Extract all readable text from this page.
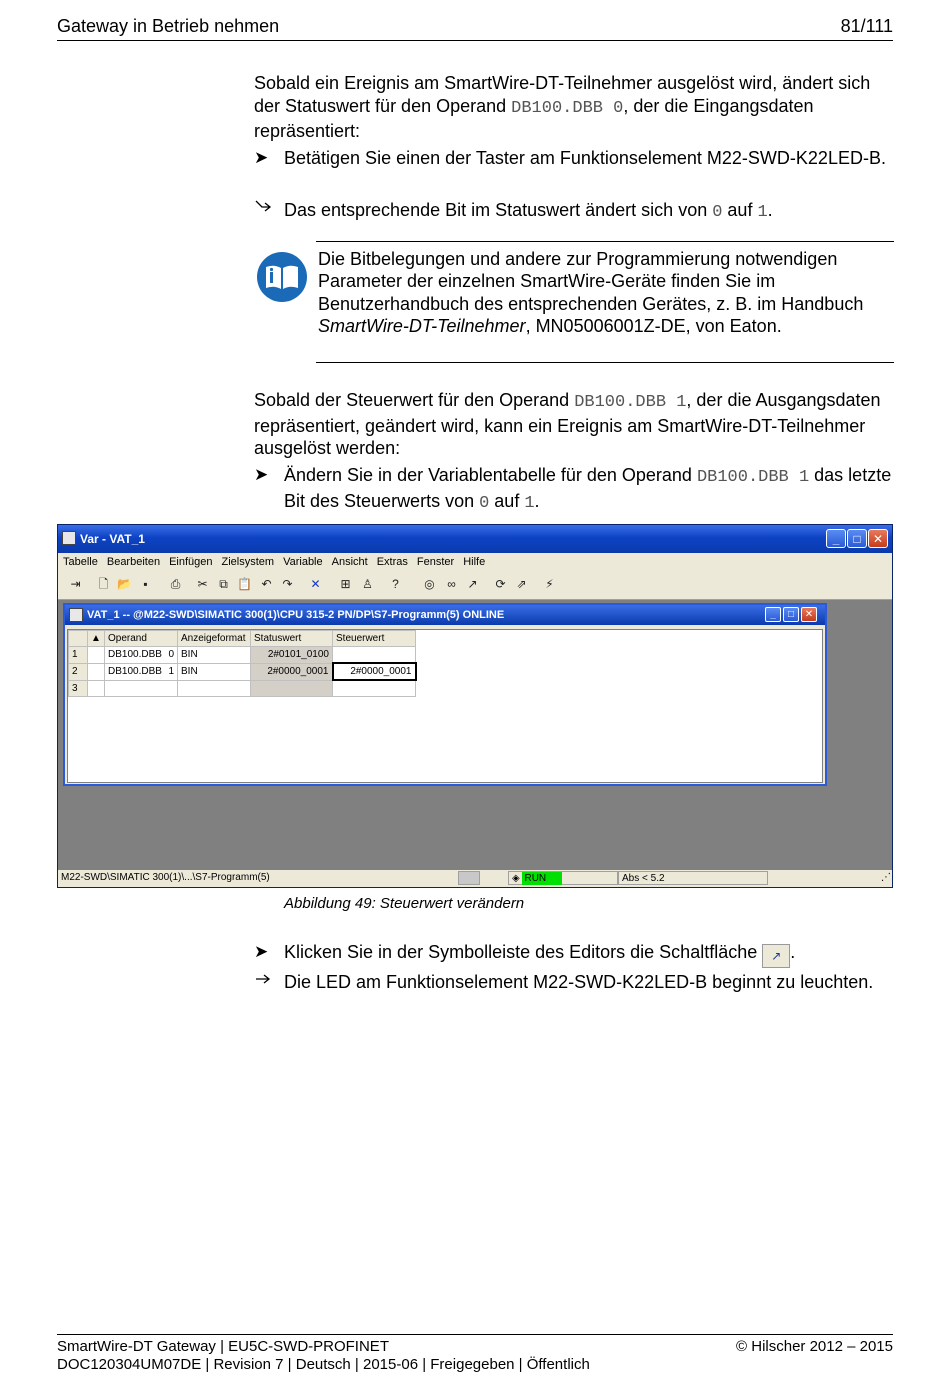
Gateway in Betrieb nehmen	81/111
Sobald ein Ereignis am SmartWire-DT-Teilnehmer ausgelöst wird, ändert sich der Statuswert für den Operand DB100.DBB 0, der die Eingangsdaten repräsentiert:
➤ Betätigen Sie einen der Taster am Funktionselement M22-SWD-K22LED-B.
Das entsprechende Bit im Statuswert ändert sich von 0 auf 1.
Die Bitbelegungen und andere zur Programmierung notwendigen Parameter der einzelnen SmartWire-Geräte finden Sie im Benutzerhandbuch des entsprechenden Gerätes, z. B. im Handbuch SmartWire-DT-Teilnehmer, MN05006001Z-DE, von Eaton.
Sobald der Steuerwert für den Operand DB100.DBB 1, der die Ausgangsdaten repräsentiert, geändert wird, kann ein Ereignis am SmartWire-DT-Teilnehmer ausgelöst werden:
➤ Ändern Sie in der Variablentabelle für den Operand DB100.DBB 1 das letzte Bit des Steuerwerts von 0 auf 1.
Var - VAT_1	_	□	✕
Tabelle Bearbeiten Einfügen Zielsystem Variable Ansicht Extras Fenster Hilfe
⇥	🗋 📂 ▪	⎙	✂ ⧉ 📋 ↶ ↷	✕	⊞ ♙	?	◎	∞ ↗	⟳ ⇗	⚡
VAT_1 -- @M22-SWD\SIMATIC 300(1)\CPU 315-2 PN/DP\S7-Programm(5) ONLINE	_	□	✕
	▲	Operand	Anzeigeformat	Statuswert	Steuerwert
1		DB100.DBB 0	BIN	2#0101_0100	
2		DB100.DBB 1	BIN	2#0000_0001	2#0000_0001
3					
M22-SWD\SIMATIC 300(1)\...\S7-Programm(5)	◈ RUN	Abs < 5.2	⋰
Abbildung 49: Steuerwert verändern
➤ Klicken Sie in der Symbolleiste des Editors die Schaltfläche ↗ .
Die LED am Funktionselement M22-SWD-K22LED-B beginnt zu leuchten.
SmartWire-DT Gateway | EU5C-SWD-PROFINET	© Hilscher 2012 – 2015
DOC120304UM07DE | Revision 7 | Deutsch | 2015-06 | Freigegeben | Öffentlich
